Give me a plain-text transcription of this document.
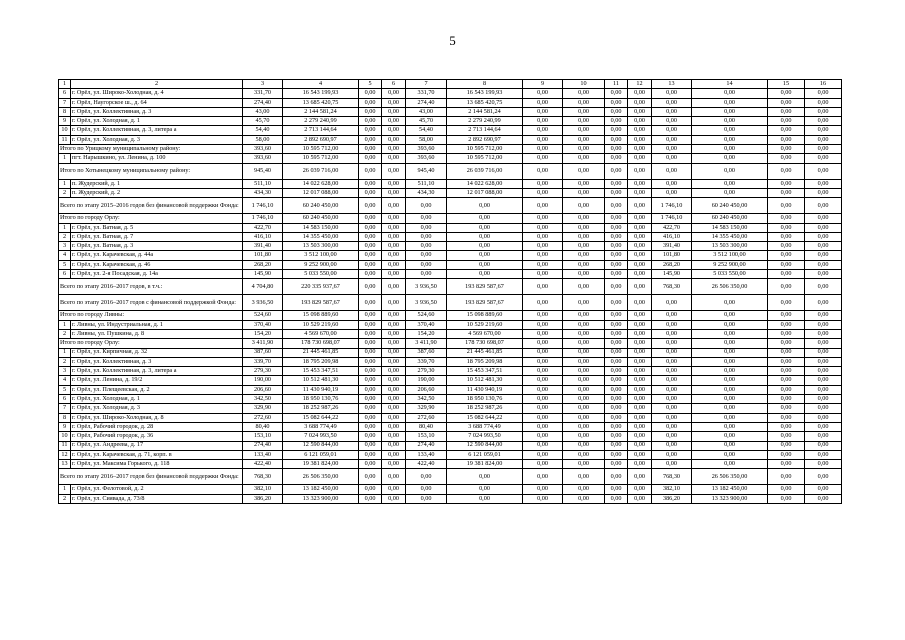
5
1	2	3	4	5	6	7	8	9	10	11	12	13	14	15	16
6	г. Орёл, ул. Широко-Холодная, д. 4	331,70	16 543 199,93	0,00	0,00	331,70	16 543 199,93	0,00	0,00	0,00	0,00	0,00	0,00	0,00	0,00
7	г. Орёл, Наугорское ш., д. 64	274,40	13 685 420,75	0,00	0,00	274,40	13 685 420,75	0,00	0,00	0,00	0,00	0,00	0,00	0,00	0,00
8	г. Орёл, ул. Коллективная, д. 3	43,00	2 144 581,24	0,00	0,00	43,00	2 144 581,24	0,00	0,00	0,00	0,00	0,00	0,00	0,00	0,00
9	г. Орёл, ул. Холодная, д. 1	45,70	2 279 240,99	0,00	0,00	45,70	2 279 240,99	0,00	0,00	0,00	0,00	0,00	0,00	0,00	0,00
10	г. Орёл, ул. Коллективная, д. 3, литера а	54,40	2 713 144,64	0,00	0,00	54,40	2 713 144,64	0,00	0,00	0,00	0,00	0,00	0,00	0,00	0,00
11	г. Орёл, ул. Холодная, д. 3	58,00	2 892 690,97	0,00	0,00	58,00	2 892 690,97	0,00	0,00	0,00	0,00	0,00	0,00	0,00	0,00
Итого по Урицкому муниципальному району:		393,60	10 595 712,00	0,00	0,00	393,60	10 595 712,00	0,00	0,00	0,00	0,00	0,00	0,00	0,00	0,00
1	пгт. Нарышкино, ул. Ленина, д. 100	393,60	10 595 712,00	0,00	0,00	393,60	10 595 712,00	0,00	0,00	0,00	0,00	0,00	0,00	0,00	0,00
Итого по Хотынецкому муниципальному району:		945,40	26 039 716,00	0,00	0,00	945,40	26 039 716,00	0,00	0,00	0,00	0,00	0,00	0,00	0,00	0,00
1	п. Жудерский, д. 1	511,10	14 022 628,00	0,00	0,00	511,10	14 022 628,00	0,00	0,00	0,00	0,00	0,00	0,00	0,00	0,00
2	п. Жудерский, д. 2	434,30	12 017 088,00	0,00	0,00	434,30	12 017 088,00	0,00	0,00	0,00	0,00	0,00	0,00	0,00	0,00
Всего по этапу 2015–2016 годов без финансовой поддержки Фонда:		1 746,10	60 240 450,00	0,00	0,00	0,00	0,00	0,00	0,00	0,00	0,00	1 746,10	60 240 450,00	0,00	0,00
Итого по городу Орлу:		1 746,10	60 240 450,00	0,00	0,00	0,00	0,00	0,00	0,00	0,00	0,00	1 746,10	60 240 450,00	0,00	0,00
1	г. Орёл, ул. Ватная, д. 5	422,70	14 583 150,00	0,00	0,00	0,00	0,00	0,00	0,00	0,00	0,00	422,70	14 583 150,00	0,00	0,00
2	г. Орёл, ул. Ватная, д. 7	416,10	14 355 450,00	0,00	0,00	0,00	0,00	0,00	0,00	0,00	0,00	416,10	14 355 450,00	0,00	0,00
3	г. Орёл, ул. Ватная, д. 3	391,40	13 503 300,00	0,00	0,00	0,00	0,00	0,00	0,00	0,00	0,00	391,40	13 503 300,00	0,00	0,00
4	г. Орёл, ул. Карачевская, д. 44а	101,80	3 512 100,00	0,00	0,00	0,00	0,00	0,00	0,00	0,00	0,00	101,80	3 512 100,00	0,00	0,00
5	г. Орёл, ул. Карачевская, д. 46	268,20	9 252 900,00	0,00	0,00	0,00	0,00	0,00	0,00	0,00	0,00	268,20	9 252 900,00	0,00	0,00
6	г. Орёл, ул. 2-я Посадская, д. 14а	145,90	5 033 550,00	0,00	0,00	0,00	0,00	0,00	0,00	0,00	0,00	145,90	5 033 550,00	0,00	0,00
Всего по этапу 2016–2017 годов, в т.ч.:		4 704,80	220 335 937,67	0,00	0,00	3 936,50	193 829 587,67	0,00	0,00	0,00	0,00	768,30	26 506 350,00	0,00	0,00
Всего по этапу 2016–2017 годов с финансовой поддержкой Фонда:		3 936,50	193 829 587,67	0,00	0,00	3 936,50	193 829 587,67	0,00	0,00	0,00	0,00	0,00	0,00	0,00	0,00
Итого по городу Ливны:		524,60	15 098 889,60	0,00	0,00	524,60	15 098 889,60	0,00	0,00	0,00	0,00	0,00	0,00	0,00	0,00
1	г. Ливны, ул. Индустриальная, д. 1	370,40	10 529 219,60	0,00	0,00	370,40	10 529 219,60	0,00	0,00	0,00	0,00	0,00	0,00	0,00	0,00
2	г. Ливны, ул. Пушкина, д. 8	154,20	4 569 670,00	0,00	0,00	154,20	4 569 670,00	0,00	0,00	0,00	0,00	0,00	0,00	0,00	0,00
Итого по городу Орлу:		3 411,90	178 730 698,07	0,00	0,00	3 411,90	178 730 698,07	0,00	0,00	0,00	0,00	0,00	0,00	0,00	0,00
1	г. Орёл, ул. Кирпичная, д. 32	387,60	21 445 461,85	0,00	0,00	387,60	21 445 461,85	0,00	0,00	0,00	0,00	0,00	0,00	0,00	0,00
2	г. Орёл, ул. Коллективная, д. 3	339,70	18 795 209,98	0,00	0,00	339,70	18 795 209,98	0,00	0,00	0,00	0,00	0,00	0,00	0,00	0,00
3	г. Орёл, ул. Коллективная, д. 3, литера а	279,30	15 453 347,51	0,00	0,00	279,30	15 453 347,51	0,00	0,00	0,00	0,00	0,00	0,00	0,00	0,00
4	г. Орёл, ул. Ленина, д. 19/2	190,00	10 512 481,30	0,00	0,00	190,00	10 512 481,30	0,00	0,00	0,00	0,00	0,00	0,00	0,00	0,00
5	г. Орёл, ул. Плещеевская, д. 2	206,60	11 430 940,19	0,00	0,00	206,60	11 430 940,19	0,00	0,00	0,00	0,00	0,00	0,00	0,00	0,00
6	г. Орёл, ул. Холодная, д. 1	342,50	18 950 130,76	0,00	0,00	342,50	18 950 130,76	0,00	0,00	0,00	0,00	0,00	0,00	0,00	0,00
7	г. Орёл, ул. Холодная, д. 3	329,90	18 252 987,26	0,00	0,00	329,90	18 252 987,26	0,00	0,00	0,00	0,00	0,00	0,00	0,00	0,00
8	г. Орёл, ул. Широко-Холодная, д. 8	272,60	15 082 644,22	0,00	0,00	272,60	15 082 644,22	0,00	0,00	0,00	0,00	0,00	0,00	0,00	0,00
9	г. Орёл, Рабочий городок, д. 28	80,40	3 688 774,49	0,00	0,00	80,40	3 688 774,49	0,00	0,00	0,00	0,00	0,00	0,00	0,00	0,00
10	г. Орёл, Рабочий городок, д. 36	153,10	7 024 993,50	0,00	0,00	153,10	7 024 993,50	0,00	0,00	0,00	0,00	0,00	0,00	0,00	0,00
11	г. Орёл, ул. Андреева, д. 17	274,40	12 590 844,00	0,00	0,00	274,40	12 590 844,00	0,00	0,00	0,00	0,00	0,00	0,00	0,00	0,00
12	г. Орёл, ул. Карачевская, д. 71, корп. в	133,40	6 121 059,01	0,00	0,00	133,40	6 121 059,01	0,00	0,00	0,00	0,00	0,00	0,00	0,00	0,00
13	г. Орёл, ул. Максима Горького, д. 118	422,40	19 381 824,00	0,00	0,00	422,40	19 381 824,00	0,00	0,00	0,00	0,00	0,00	0,00	0,00	0,00
Всего по этапу 2016–2017 годов без финансовой поддержки Фонда:		768,30	26 506 350,00	0,00	0,00	0,00	0,00	0,00	0,00	0,00	0,00	768,30	26 506 350,00	0,00	0,00
1	г. Орёл, ул. Фелотовой, д. 2	382,10	13 182 450,00	0,00	0,00	0,00	0,00	0,00	0,00	0,00	0,00	382,10	13 182 450,00	0,00	0,00
2	г. Орёл, ул. Сиявада, д. 73/8	386,20	13 323 900,00	0,00	0,00	0,00	0,00	0,00	0,00	0,00	0,00	386,20	13 323 900,00	0,00	0,00
